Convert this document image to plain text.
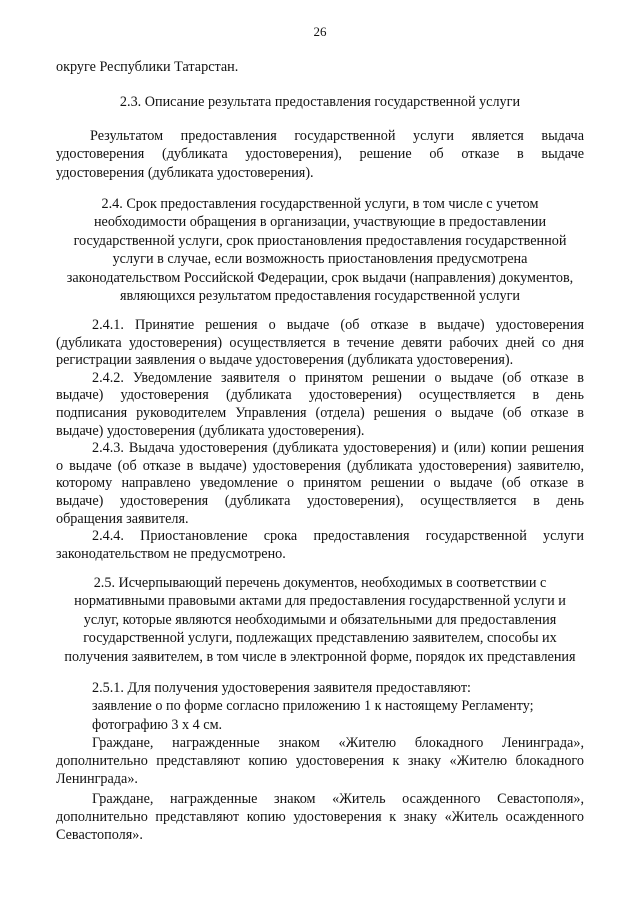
26
округе Республики Татарстан.
2.3. Описание результата предоставления государственной услуги
Результатом предоставления государственной услуги является выдача
удостоверения (дубликата удостоверения), решение об отказе в выдаче
удостоверения (дубликата удостоверения).
2.4. Срок предоставления государственной услуги, в том числе с учетом
необходимости обращения в организации, участвующие в предоставлении
государственной услуги, срок приостановления предоставления государственной
услуги в случае, если возможность приостановления предусмотрена
законодательством Российской Федерации, срок выдачи (направления) документов,
являющихся результатом предоставления государственной услуги
2.4.1. Принятие решения о выдаче (об отказе в выдаче) удостоверения
(дубликата удостоверения) осуществляется в течение девяти рабочих дней со дня
регистрации заявления о выдаче удостоверения (дубликата удостоверения).
2.4.2. Уведомление заявителя о принятом решении о выдаче (об отказе в
выдаче) удостоверения (дубликата удостоверения) осуществляется в день
подписания руководителем Управления (отдела) решения о выдаче (об отказе в
выдаче) удостоверения (дубликата удостоверения).
2.4.3. Выдача удостоверения (дубликата удостоверения) и (или) копии решения
о выдаче (об отказе в выдаче) удостоверения (дубликата удостоверения) заявителю,
которому направлено уведомление о принятом решении о выдаче (об отказе в
выдаче) удостоверения (дубликата удостоверения), осуществляется в день
обращения заявителя.
2.4.4. Приостановление срока предоставления государственной услуги
законодательством не предусмотрено.
2.5. Исчерпывающий перечень документов, необходимых в соответствии с
нормативными правовыми актами для предоставления государственной услуги и
услуг, которые являются необходимыми и обязательными для предоставления
государственной услуги, подлежащих представлению заявителем, способы их
получения заявителем, в том числе в электронной форме, порядок их представления
2.5.1. Для получения удостоверения заявителя предоставляют:
заявление о по форме согласно приложению 1 к настоящему Регламенту;
фотографию 3 х 4 см.
Граждане, награжденные знаком «Жителю блокадного Ленинграда»,
дополнительно представляют копию удостоверения к знаку «Жителю блокадного
Ленинграда».
Граждане, награжденные знаком «Житель осажденного Севастополя»,
дополнительно представляют копию удостоверения к знаку «Житель осажденного
Севастополя».
